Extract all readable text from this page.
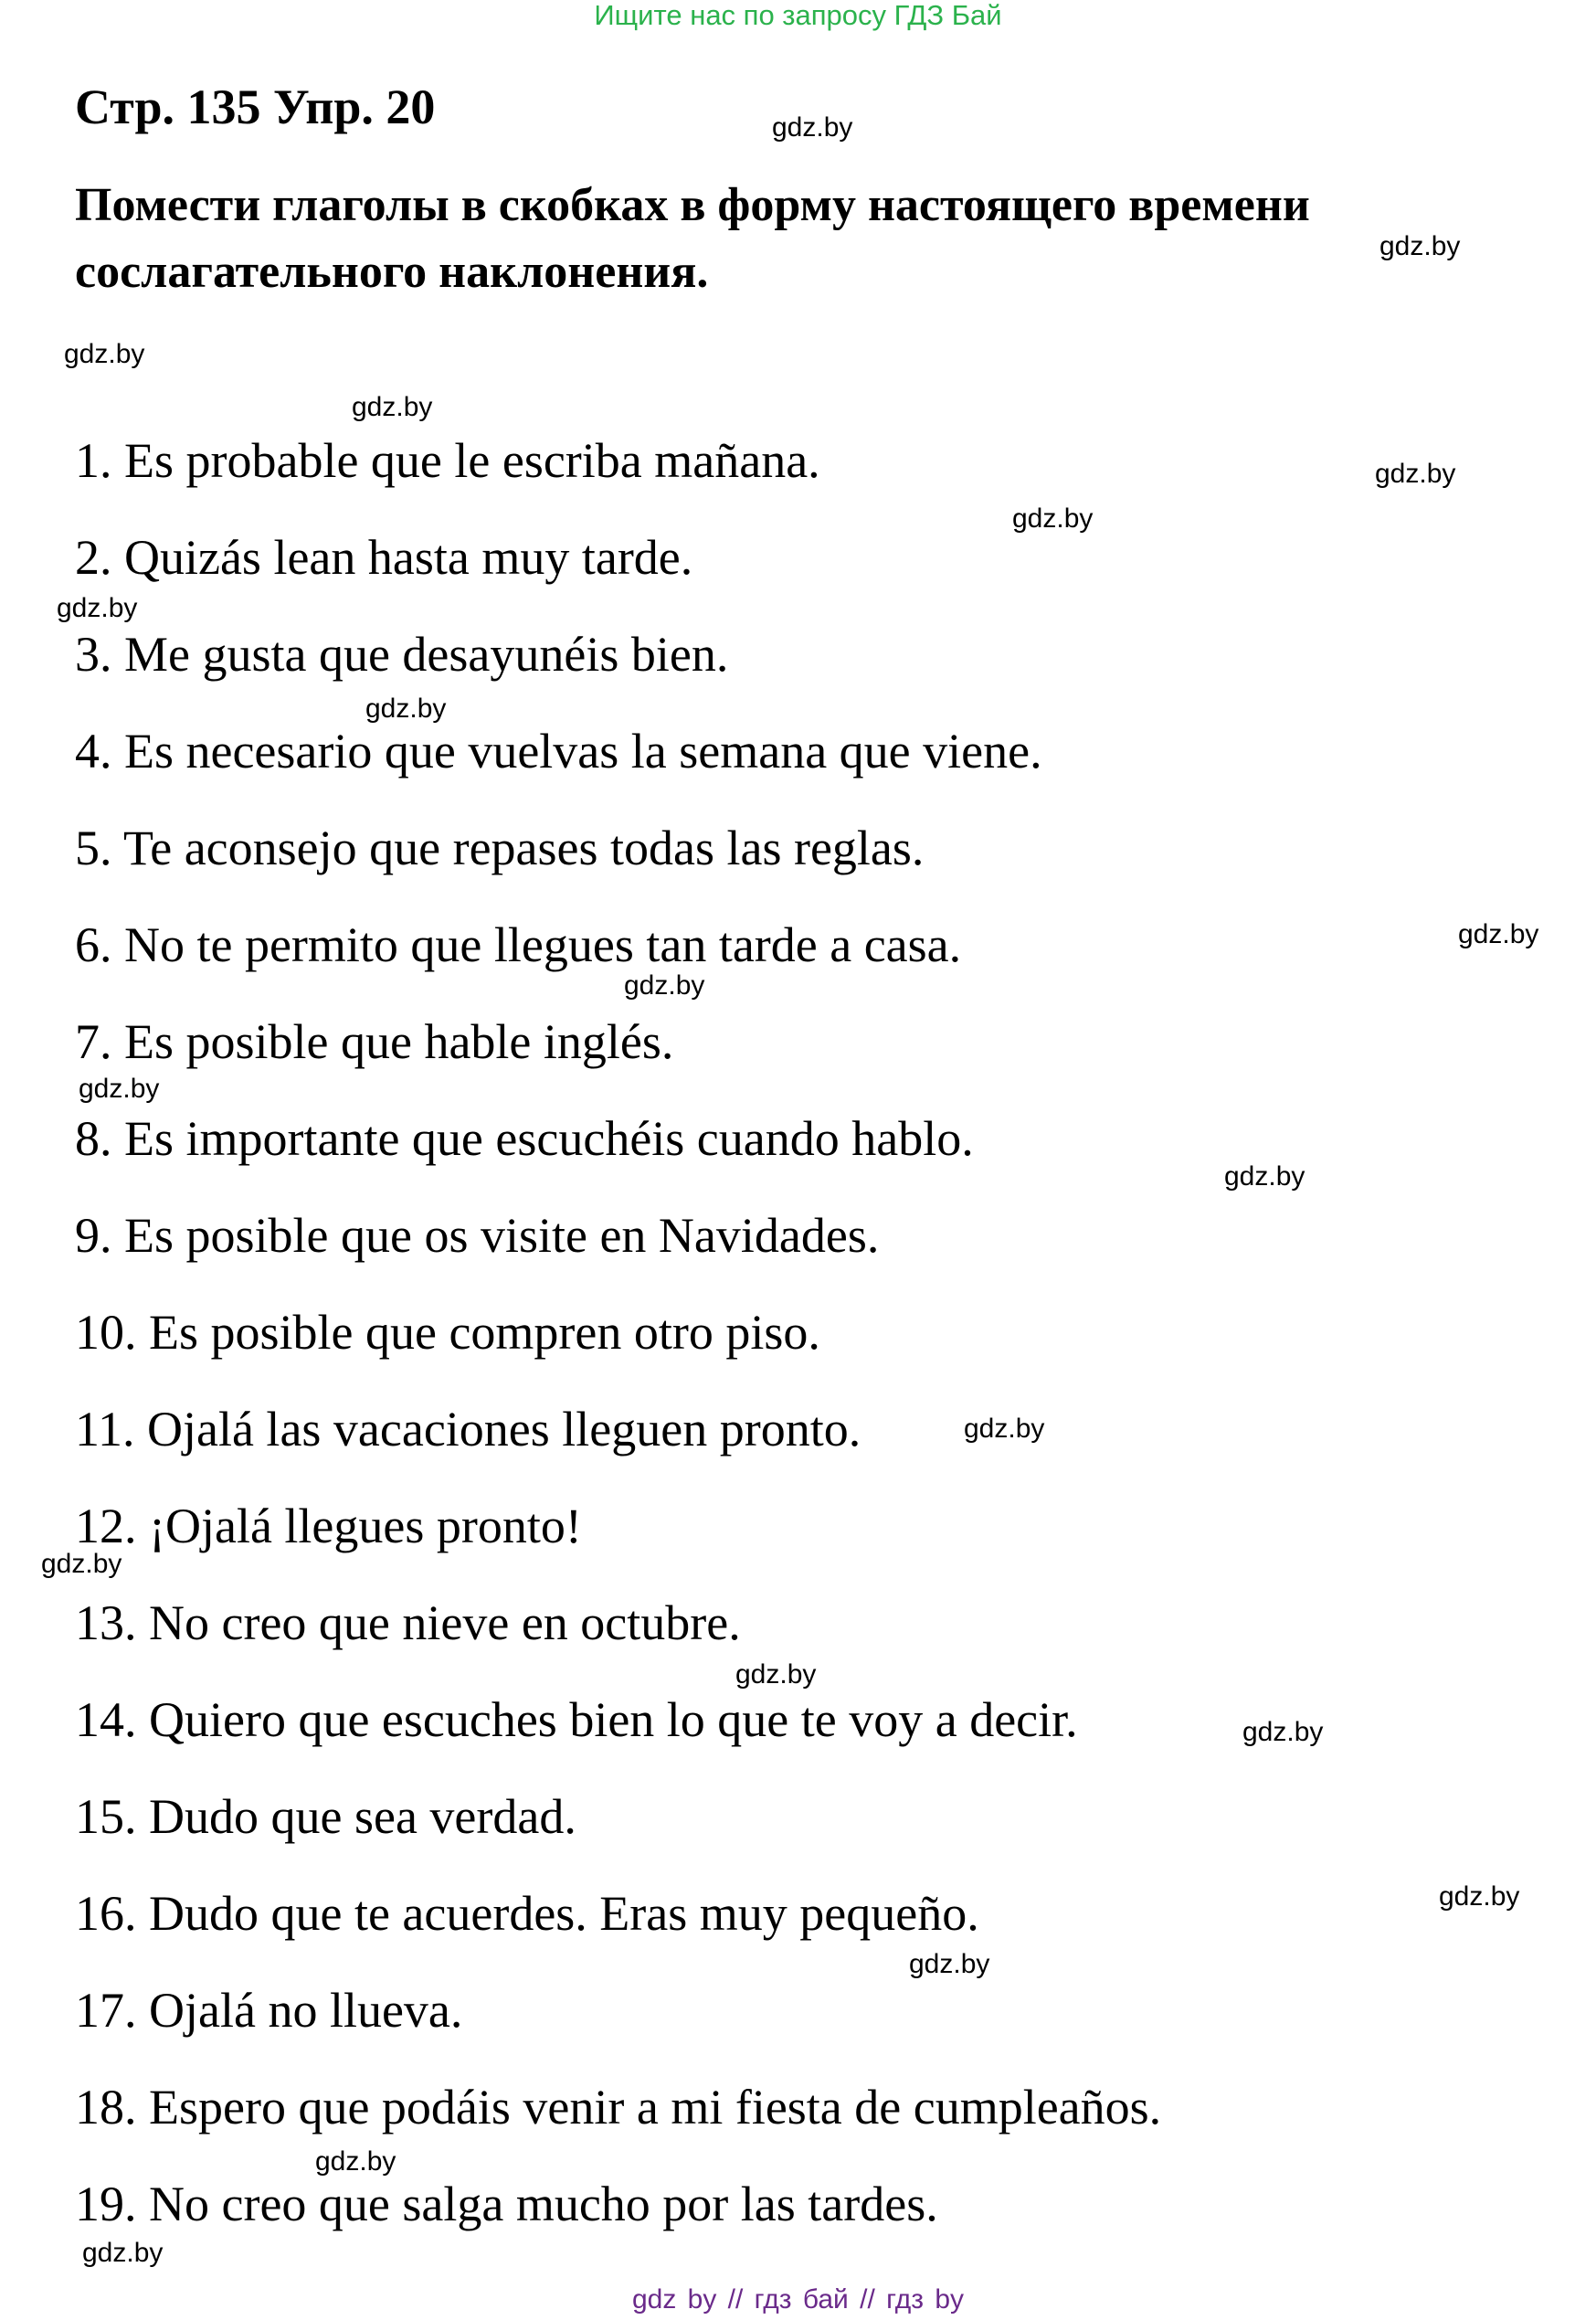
Ищите нас по запросу ГДЗ Бай
Стр. 135 Упр. 20
Помести глаголы в скобках в форму настоящего времени сослагательного наклонения.
1. Es probable que le escriba mañana.
2. Quizás lean hasta muy tarde.
3. Me gusta que desayunéis bien.
4. Es necesario que vuelvas la semana que viene.
5. Te aconsejo que repases todas las reglas.
6. No te permito que llegues tan tarde a casa.
7. Es posible que hable inglés.
8. Es importante que escuchéis cuando hablo.
9. Es posible que os visite en Navidades.
10. Es posible que compren otro piso.
11. Ojalá las vacaciones lleguen pronto.
12. ¡Ojalá llegues pronto!
13. No creo que nieve en octubre.
14. Quiero que escuches bien lo que te voy a decir.
15. Dudo que sea verdad.
16. Dudo que te acuerdes. Eras muy pequeño.
17. Ojalá no llueva.
18. Espero que podáis venir a mi fiesta de cumpleaños.
19. No creo que salga mucho por las tardes.
gdz.by
gdz.by
gdz.by
gdz.by
gdz.by
gdz.by
gdz.by
gdz.by
gdz.by
gdz.by
gdz.by
gdz.by
gdz.by
gdz.by
gdz.by
gdz.by
gdz.by
gdz.by
gdz.by
gdz.by
gdz by // гдз бай // гдз by
